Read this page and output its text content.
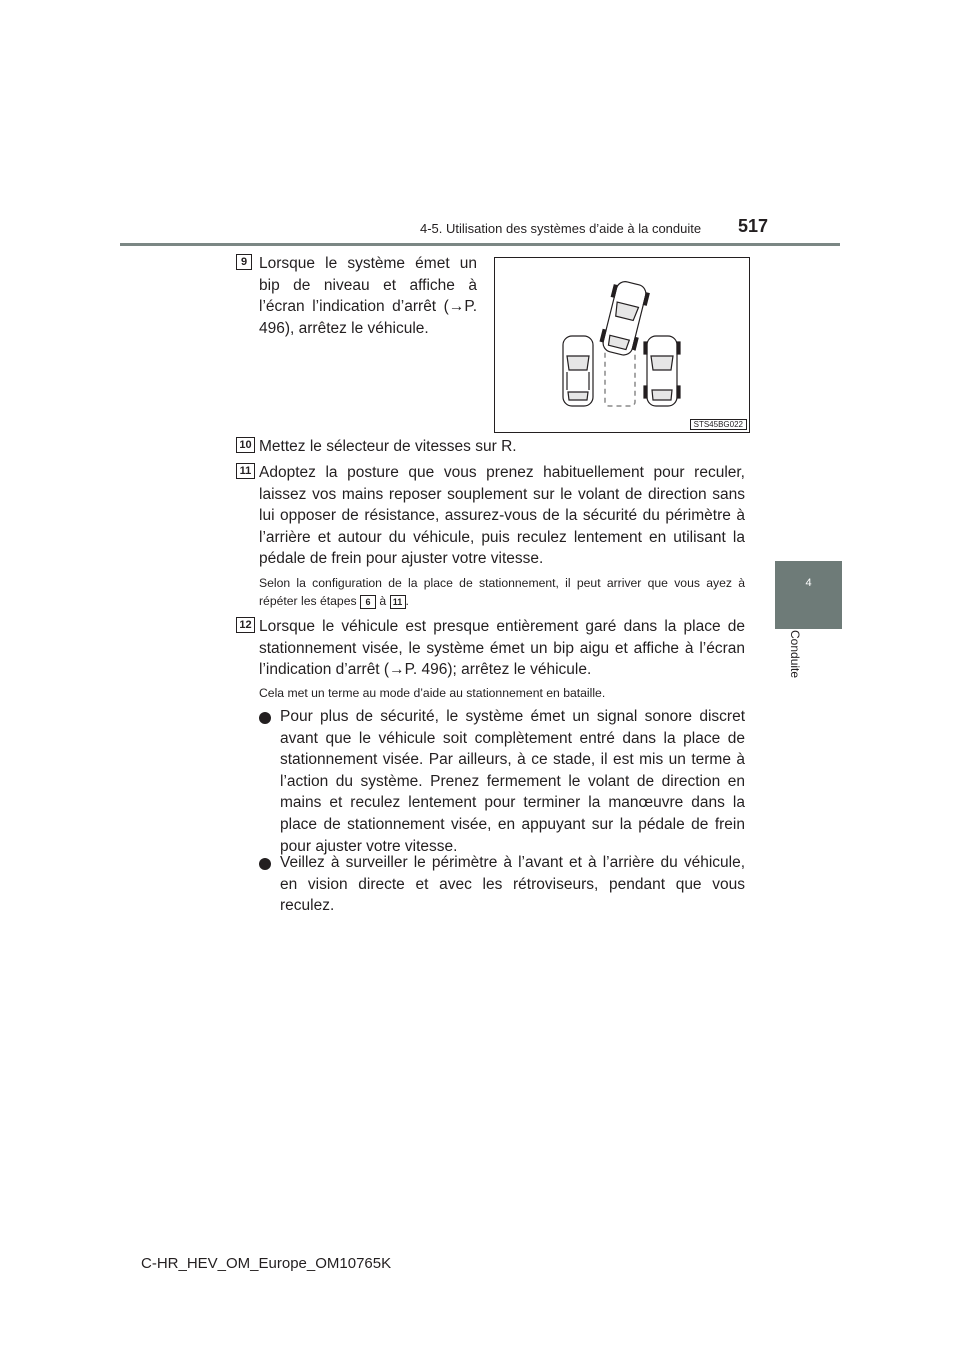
4-5. Utilisation des systèmes d’aide à la conduite 517
4
Conduite
9 Lorsque le système émet un bip de niveau et affiche à l’écran l’indication d’arrêt (→P. 496), arrêtez le véhicule.
STS45BG022
10 Mettez le sélecteur de vitesses sur R.
11 Adoptez la posture que vous prenez habituellement pour reculer, laissez vos mains reposer souplement sur le volant de direction sans lui opposer de résistance, assurez-vous de la sécurité du périmètre à l’arrière et autour du véhicule, puis reculez lentement en utilisant la pédale de frein pour ajuster votre vitesse.
Selon la configuration de la place de stationnement, il peut arriver que vous ayez à répéter les étapes 6 à 11 .
12 Lorsque le véhicule est presque entièrement garé dans la place de stationnement visée, le système émet un bip aigu et affiche à l’écran l’indication d’arrêt (→P. 496); arrêtez le véhicule.
Cela met un terme au mode d’aide au stationnement en bataille.
Pour plus de sécurité, le système émet un signal sonore discret avant que le véhicule soit complètement entré dans la place de stationnement visée. Par ailleurs, à ce stade, il est mis un terme à l’action du système. Prenez fermement le volant de direction en mains et reculez lentement pour terminer la manœuvre dans la place de stationnement visée, en appuyant sur la pédale de frein pour ajuster votre vitesse.
Veillez à surveiller le périmètre à l’avant et à l’arrière du véhicule, en vision directe et avec les rétroviseurs, pendant que vous reculez.
C-HR_HEV_OM_Europe_OM10765K
